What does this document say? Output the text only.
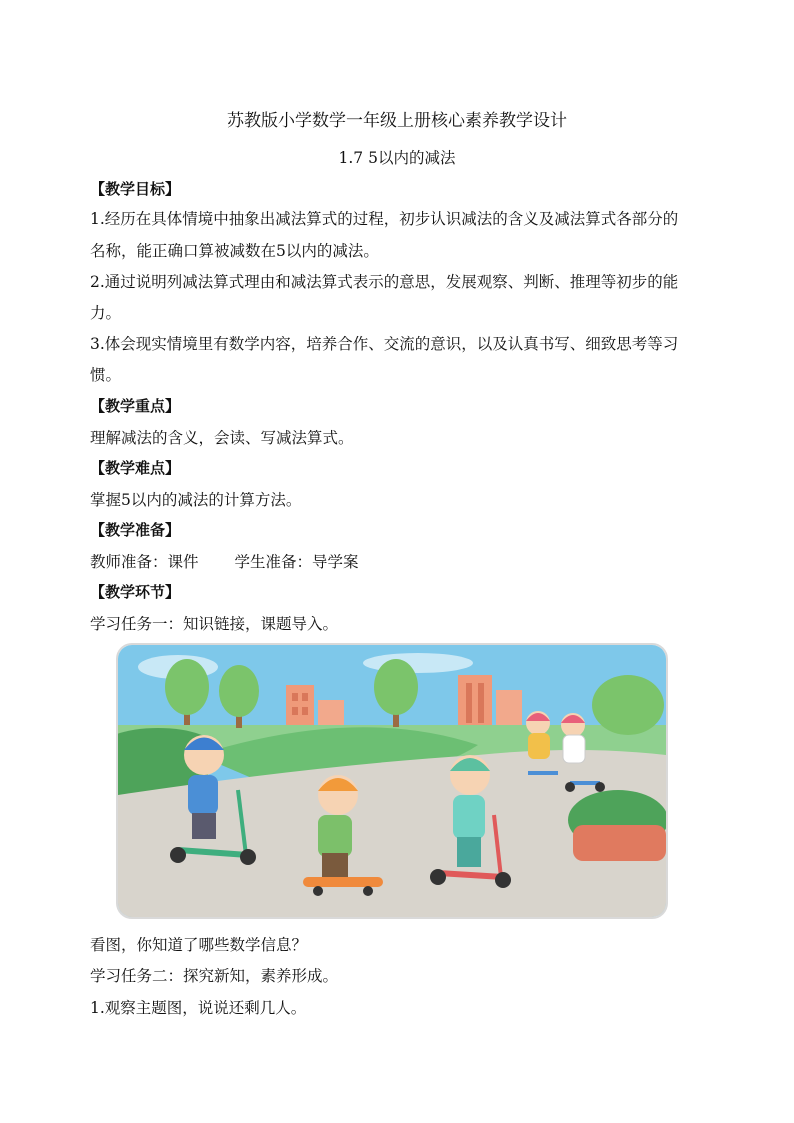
苏教版小学数学一年级上册核心素养教学设计
1.7 5以内的减法
【教学目标】
1.经历在具体情境中抽象出减法算式的过程，初步认识减法的含义及减法算式各部分的
名称，能正确口算被减数在5以内的减法。
2.通过说明列减法算式理由和减法算式表示的意思，发展观察、判断、推理等初步的能
力。
3.体会现实情境里有数学内容，培养合作、交流的意识，以及认真书写、细致思考等习
惯。
【教学重点】
理解减法的含义，会读、写减法算式。
【教学难点】
掌握5以内的减法的计算方法。
【教学准备】
教师准备：课件 学生准备：导学案
【教学环节】
学习任务一：知识链接，课题导入。
看图，你知道了哪些数学信息？
学习任务二：探究新知，素养形成。
1.观察主题图，说说还剩几人。
